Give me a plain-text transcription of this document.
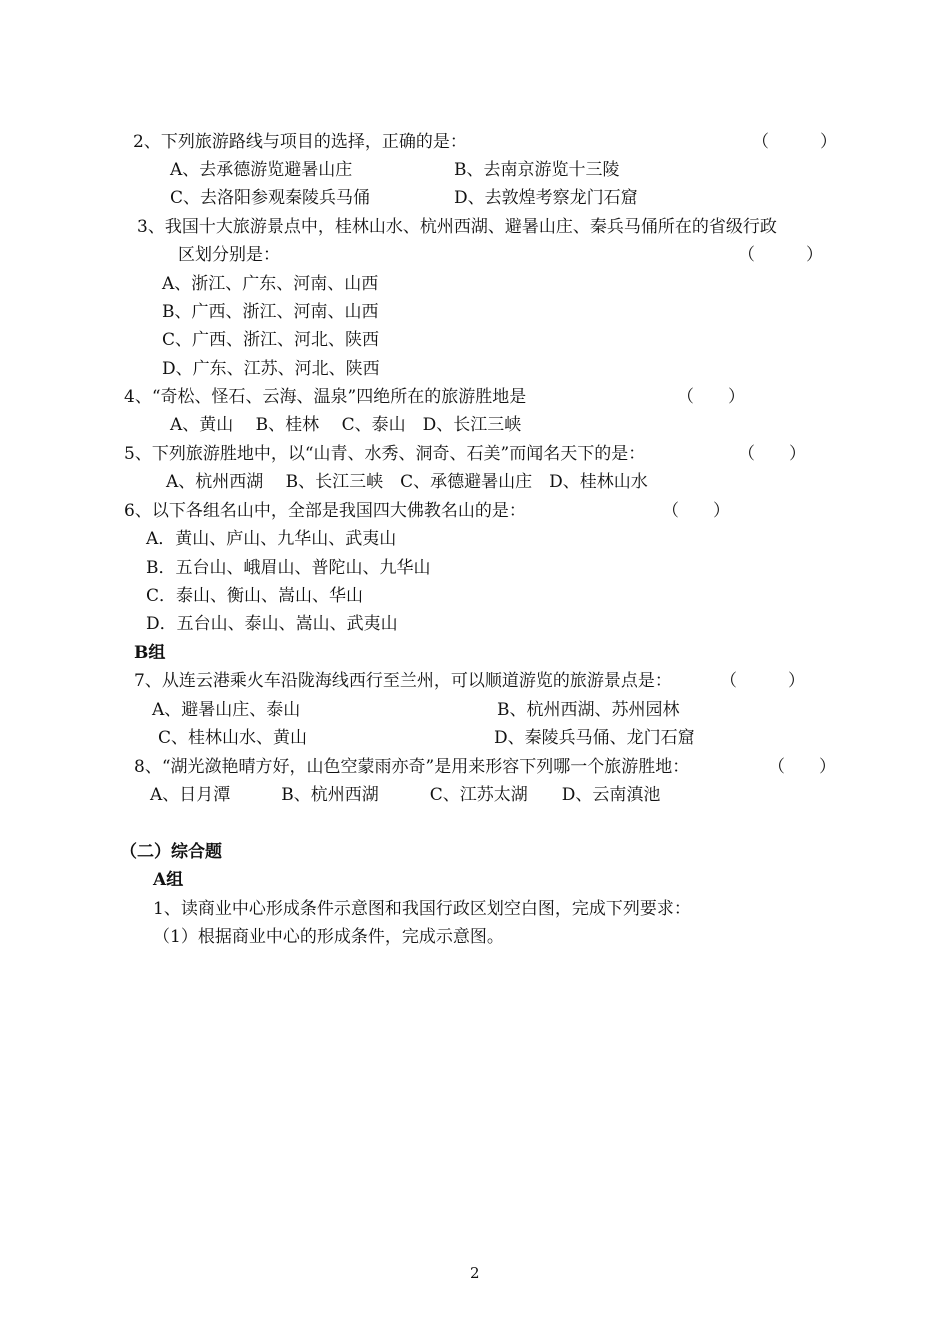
2、下列旅游路线与项目的选择，正确的是：	（　　　）
A、去承德游览避暑山庄	B、去南京游览十三陵
C、去洛阳参观秦陵兵马俑	D、去敦煌考察龙门石窟
3、我国十大旅游景点中，桂林山水、杭州西湖、避暑山庄、秦兵马俑所在的省级行政
区划分别是：	（　　　）
A、浙江、广东、河南、山西
B、广西、浙江、河南、山西
C、广西、浙江、河北、陕西
D、广东、江苏、河北、陕西
4、“奇松、怪石、云海、温泉”四绝所在的旅游胜地是	（　　）
A、黄山　 B、桂林　 C、泰山　D、长江三峡
5、下列旅游胜地中，以“山青、水秀、洞奇、石美”而闻名天下的是：	（　　）
A、杭州西湖　 B、长江三峡　C、承德避暑山庄　D、桂林山水
6、以下各组名山中，全部是我国四大佛教名山的是：	（　　）
A．黄山、庐山、九华山、武夷山
B．五台山、峨眉山、普陀山、九华山
C．泰山、衡山、嵩山、华山
D．五台山、泰山、嵩山、武夷山
B组
7、从连云港乘火车沿陇海线西行至兰州，可以顺道游览的旅游景点是：	（　　　）
A、避暑山庄、泰山	B、杭州西湖、苏州园林
C、桂林山水、黄山	D、秦陵兵马俑、龙门石窟
8、“湖光潋艳晴方好，山色空蒙雨亦奇”是用来形容下列哪一个旅游胜地：	（　　）
A、日月潭　　　B、杭州西湖　　　C、江苏太湖　　D、云南滇池
（二）综合题
A组
1、读商业中心形成条件示意图和我国行政区划空白图，完成下列要求：
（1）根据商业中心的形成条件，完成示意图。
2
